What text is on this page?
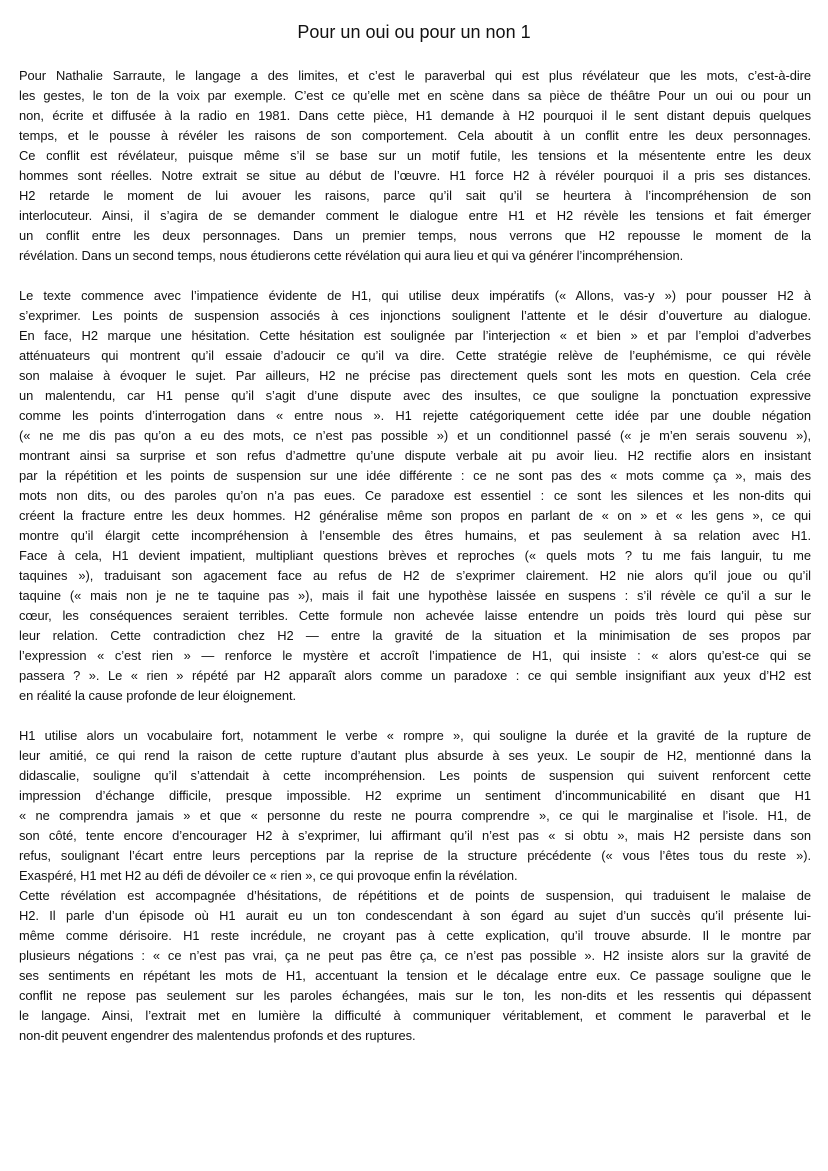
Pour un oui ou pour un non 1
Pour Nathalie Sarraute, le langage a des limites, et c’est le paraverbal qui est plus révélateur que les mots, c’est-à-dire
les gestes, le ton de la voix par exemple. C’est ce qu’elle met en scène dans sa pièce de théâtre Pour un oui ou pour un
non, écrite et diffusée à la radio en 1981. Dans cette pièce, H1 demande à H2 pourquoi il le sent distant depuis quelques
temps, et le pousse à révéler les raisons de son comportement. Cela aboutit à un conflit entre les deux personnages.
Ce conflit est révélateur, puisque même s’il se base sur un motif futile, les tensions et la mésentente entre les deux
hommes sont réelles. Notre extrait se situe au début de l’œuvre. H1 force H2 à révéler pourquoi il a pris ses distances.
H2 retarde le moment de lui avouer les raisons, parce qu’il sait qu’il se heurtera à l’incompréhension de son
interlocuteur. Ainsi, il s’agira de se demander comment le dialogue entre H1 et H2 révèle les tensions et fait émerger
un conflit entre les deux personnages. Dans un premier temps, nous verrons que H2 repousse le moment de la
révélation. Dans un second temps, nous étudierons cette révélation qui aura lieu et qui va générer l’incompréhension.
Le texte commence avec l’impatience évidente de H1, qui utilise deux impératifs (« Allons, vas-y ») pour pousser H2 à
s’exprimer. Les points de suspension associés à ces injonctions soulignent l’attente et le désir d’ouverture au dialogue.
En face, H2 marque une hésitation. Cette hésitation est soulignée par l’interjection « et bien » et par l’emploi d’adverbes
atténuateurs qui montrent qu’il essaie d’adoucir ce qu’il va dire. Cette stratégie relève de l’euphémisme, ce qui révèle
son malaise à évoquer le sujet. Par ailleurs, H2 ne précise pas directement quels sont les mots en question. Cela crée
un malentendu, car H1 pense qu’il s’agit d’une dispute avec des insultes, ce que souligne la ponctuation expressive
comme les points d’interrogation dans « entre nous ». H1 rejette catégoriquement cette idée par une double négation
(« ne me dis pas qu’on a eu des mots, ce n’est pas possible ») et un conditionnel passé (« je m’en serais souvenu »),
montrant ainsi sa surprise et son refus d’admettre qu’une dispute verbale ait pu avoir lieu. H2 rectifie alors en insistant
par la répétition et les points de suspension sur une idée différente : ce ne sont pas des « mots comme ça », mais des
mots non dits, ou des paroles qu’on n’a pas eues. Ce paradoxe est essentiel : ce sont les silences et les non-dits qui
créent la fracture entre les deux hommes. H2 généralise même son propos en parlant de « on » et « les gens », ce qui
montre qu’il élargit cette incompréhension à l’ensemble des êtres humains, et pas seulement à sa relation avec H1.
Face à cela, H1 devient impatient, multipliant questions brèves et reproches (« quels mots ? tu me fais languir, tu me
taquines »), traduisant son agacement face au refus de H2 de s’exprimer clairement. H2 nie alors qu’il joue ou qu’il
taquine (« mais non je ne te taquine pas »), mais il fait une hypothèse laissée en suspens : s’il révèle ce qu’il a sur le
cœur, les conséquences seraient terribles. Cette formule non achevée laisse entendre un poids très lourd qui pèse sur
leur relation. Cette contradiction chez H2 — entre la gravité de la situation et la minimisation de ses propos par
l’expression « c’est rien » — renforce le mystère et accroît l’impatience de H1, qui insiste : « alors qu’est-ce qui se
passera ? ». Le « rien » répété par H2 apparaît alors comme un paradoxe : ce qui semble insignifiant aux yeux d’H2 est
en réalité la cause profonde de leur éloignement.
H1 utilise alors un vocabulaire fort, notamment le verbe « rompre », qui souligne la durée et la gravité de la rupture de
leur amitié, ce qui rend la raison de cette rupture d’autant plus absurde à ses yeux. Le soupir de H2, mentionné dans la
didascalie, souligne qu’il s’attendait à cette incompréhension. Les points de suspension qui suivent renforcent cette
impression d’échange difficile, presque impossible. H2 exprime un sentiment d’incommunicabilité en disant que H1
« ne comprendra jamais » et que « personne du reste ne pourra comprendre », ce qui le marginalise et l’isole. H1, de
son côté, tente encore d’encourager H2 à s’exprimer, lui affirmant qu’il n’est pas « si obtu », mais H2 persiste dans son
refus, soulignant l’écart entre leurs perceptions par la reprise de la structure précédente (« vous l’êtes tous du reste »).
Exaspéré, H1 met H2 au défi de dévoiler ce « rien », ce qui provoque enfin la révélation.
Cette révélation est accompagnée d’hésitations, de répétitions et de points de suspension, qui traduisent le malaise de
H2. Il parle d’un épisode où H1 aurait eu un ton condescendant à son égard au sujet d’un succès qu’il présente lui-
même comme dérisoire. H1 reste incrédule, ne croyant pas à cette explication, qu’il trouve absurde. Il le montre par
plusieurs négations : « ce n’est pas vrai, ça ne peut pas être ça, ce n’est pas possible ». H2 insiste alors sur la gravité de
ses sentiments en répétant les mots de H1, accentuant la tension et le décalage entre eux. Ce passage souligne que le
conflit ne repose pas seulement sur les paroles échangées, mais sur le ton, les non-dits et les ressentis qui dépassent
le langage. Ainsi, l’extrait met en lumière la difficulté à communiquer véritablement, et comment le paraverbal et le
non-dit peuvent engendrer des malentendus profonds et des ruptures.
